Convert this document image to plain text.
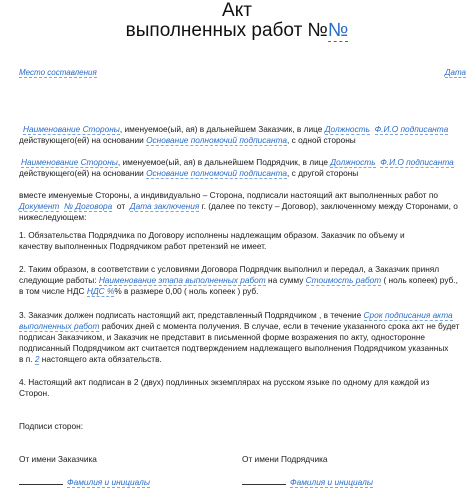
Акт
выполненных работ №№
Место составления	Дата
Наименование Стороны, именуемое(ый, ая) в дальнейшем Заказчик, в лице Должность Ф.И.О подписанта
действующего(ей) на основании Основание полномочий подписанта, с одной стороны
Наименование Стороны, именуемое(ый, ая) в дальнейшем Подрядчик, в лице Должность Ф.И.О подписанта
действующего(ей) на основании Основание полномочий подписанта, с другой стороны
вместе именуемые Стороны, а индивидуально – Сторона, подписали настоящий акт выполненных работ по
Документ № Договора от Дата заключения г. (далее по тексту – Договор), заключенному между Сторонами, о
нижеследующем:
1. Обязательства Подрядчика по Договору исполнены надлежащим образом. Заказчик по объему и
качеству выполненных Подрядчиком работ претензий не имеет.
2. Таким образом, в соответствии с условиями Договора Подрядчик выполнил и передал, а Заказчик принял
следующие работы: Наименование этапа выполненных работ на сумму Стоимость работ ( ноль копеек) руб.,
в том числе НДС НДС %% в размере 0,00 ( ноль копеек ) руб.
3. Заказчик должен подписать настоящий акт, представленный Подрядчиком , в течение Срок подписания акта
выполненных работ рабочих дней с момента получения. В случае, если в течение указанного срока акт не будет
подписан Заказчиком, и Заказчик не представит в письменной форме возражения по акту, односторонне
подписанный Подрядчиком акт считается подтверждением надлежащего выполнения Подрядчиком указанных
в п. 2 настоящего акта обязательств.
4. Настоящий акт подписан в 2 (двух) подлинных экземплярах на русском языке по одному для каждой из
Сторон.
Подписи сторон:
От имени Заказчика	От имени Подрядчика
Фамилия и инициалы	Фамилия и инициалы
